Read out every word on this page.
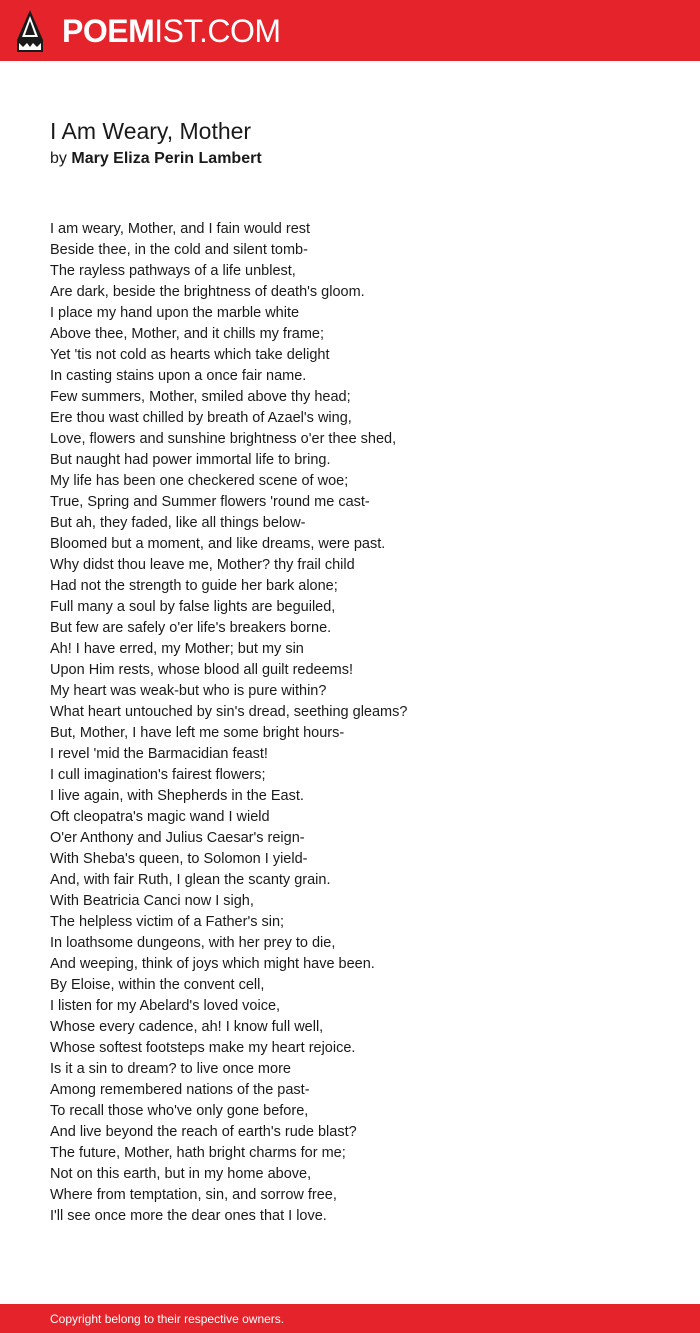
POEMIST.COM
I Am Weary, Mother
by Mary Eliza Perin Lambert
I am weary, Mother, and I fain would rest
Beside thee, in the cold and silent tomb-
The rayless pathways of a life unblest,
Are dark, beside the brightness of death's gloom.
I place my hand upon the marble white
Above thee, Mother, and it chills my frame;
Yet 'tis not cold as hearts which take delight
In casting stains upon a once fair name.
Few summers, Mother, smiled above thy head;
Ere thou wast chilled by breath of Azael's wing,
Love, flowers and sunshine brightness o'er thee shed,
But naught had power immortal life to bring.
My life has been one checkered scene of woe;
True, Spring and Summer flowers 'round me cast-
But ah, they faded, like all things below-
Bloomed but a moment, and like dreams, were past.
Why didst thou leave me, Mother? thy frail child
Had not the strength to guide her bark alone;
Full many a soul by false lights are beguiled,
But few are safely o'er life's breakers borne.
Ah! I have erred, my Mother; but my sin
Upon Him rests, whose blood all guilt redeems!
My heart was weak-but who is pure within?
What heart untouched by sin's dread, seething gleams?
But, Mother, I have left me some bright hours-
I revel 'mid the Barmacidian feast!
I cull imagination's fairest flowers;
I live again, with Shepherds in the East.
Oft cleopatra's magic wand I wield
O'er Anthony and Julius Caesar's reign-
With Sheba's queen, to Solomon I yield-
And, with fair Ruth, I glean the scanty grain.
With Beatricia Canci now I sigh,
The helpless victim of a Father's sin;
In loathsome dungeons, with her prey to die,
And weeping, think of joys which might have been.
By Eloise, within the convent cell,
I listen for my Abelard's loved voice,
Whose every cadence, ah! I know full well,
Whose softest footsteps make my heart rejoice.
Is it a sin to dream? to live once more
Among remembered nations of the past-
To recall those who've only gone before,
And live beyond the reach of earth's rude blast?
The future, Mother, hath bright charms for me;
Not on this earth, but in my home above,
Where from temptation, sin, and sorrow free,
I'll see once more the dear ones that I love.
Copyright belong to their respective owners.
